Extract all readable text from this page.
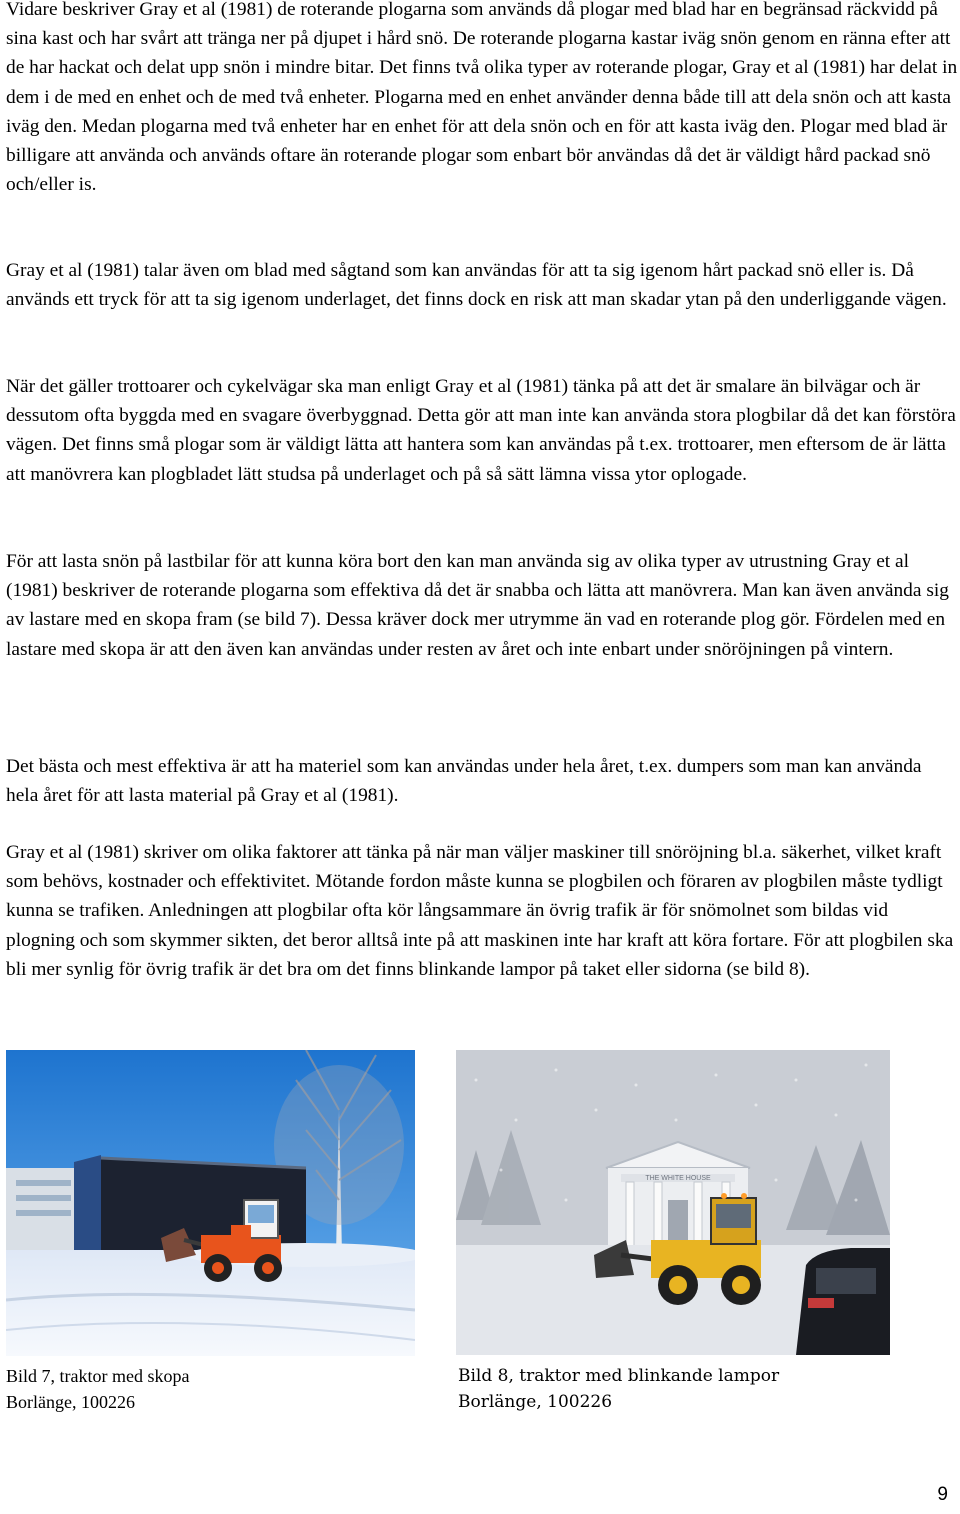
Vidare beskriver Gray et al (1981) de roterande plogarna som används då plogar med blad har en begränsad räckvidd på sina kast och har svårt att tränga ner på djupet i hård snö. De roterande plogarna kastar iväg snön genom en ränna efter att de har hackat och delat upp snön i mindre bitar. Det finns två olika typer av roterande plogar, Gray et al (1981) har delat in dem i de med en enhet och de med två enheter. Plogarna med en enhet använder denna både till att dela snön och att kasta iväg den. Medan plogarna med två enheter har en enhet för att dela snön och en för att kasta iväg den. Plogar med blad är billigare att använda och används oftare än roterande plogar som enbart bör användas då det är väldigt hård packad snö och/eller is.

Gray et al (1981) talar även om blad med sågtand som kan användas för att ta sig igenom hårt packad snö eller is. Då används ett tryck för att ta sig igenom underlaget, det finns dock en risk att man skadar ytan på den underliggande vägen.

När det gäller trottoarer och cykelvägar ska man enligt Gray et al (1981) tänka på att det är smalare än bilvägar och är dessutom ofta byggda med en svagare överbyggnad. Detta gör att man inte kan använda stora plogbilar då det kan förstöra vägen. Det finns små plogar som är väldigt lätta att hantera som kan användas på t.ex. trottoarer, men eftersom de är lätta att manövrera kan plogbladet lätt studsa på underlaget och på så sätt lämna vissa ytor oplogade.

För att lasta snön på lastbilar för att kunna köra bort den kan man använda sig av olika typer av utrustning Gray et al (1981) beskriver de roterande plogarna som effektiva då det är snabba och lätta att manövrera. Man kan även använda sig av lastare med en skopa fram (se bild 7). Dessa kräver dock mer utrymme än vad en roterande plog gör. Fördelen med en lastare med skopa är att den även kan användas under resten av året och inte enbart under snöröjningen på vintern.

Det bästa och mest effektiva är att ha materiel som kan användas under hela året, t.ex. dumpers som man kan använda hela året för att lasta material på Gray et al (1981).

Gray et al (1981) skriver om olika faktorer att tänka på när man väljer maskiner till snöröjning bl.a. säkerhet, vilket kraft som behövs, kostnader och effektivitet. Mötande fordon måste kunna se plogbilen och föraren av plogbilen måste tydligt kunna se trafiken. Anledningen att plogbilar ofta kör långsammare än övrig trafik är för snömolnet som bildas vid plogning och som skymmer sikten, det beror alltså inte på att maskinen inte har kraft att köra fortare. För att plogbilen ska bli mer synlig för övrig trafik är det bra om det finns blinkande lampor på taket eller sidorna (se bild 8).

THE WHITE HOUSE

Bild 7, traktor med skopa
Borlänge, 100226

Bild 8, traktor med blinkande lampor
Borlänge, 100226

9
